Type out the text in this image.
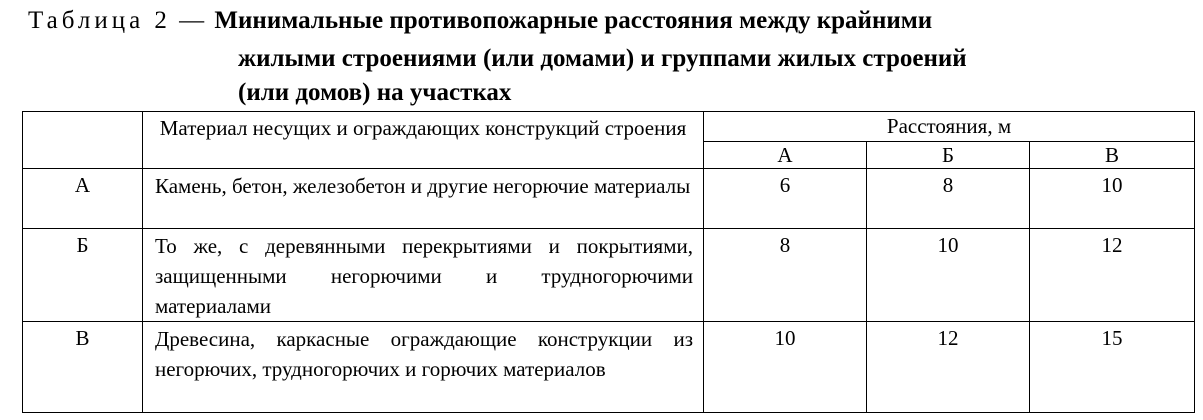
Таблица 2 — Минимальные противопожарные расстояния между крайними
жилыми строениями (или домами) и группами жилых строений
(или домов) на участках
	Материал несущих и ограждающих конструкций строения	Расстояния, м		
		А	Б	В
А	Камень, бетон, железобетон и другие негорючие материалы	6	8	10
Б	То же, с деревянными перекрытиями и покрытиями, защищенными негорючими и трудногорючими материалами	8	10	12
В	Древесина, каркасные ограждающие конструкции из негорючих, трудногорючих и горючих материалов	10	12	15
